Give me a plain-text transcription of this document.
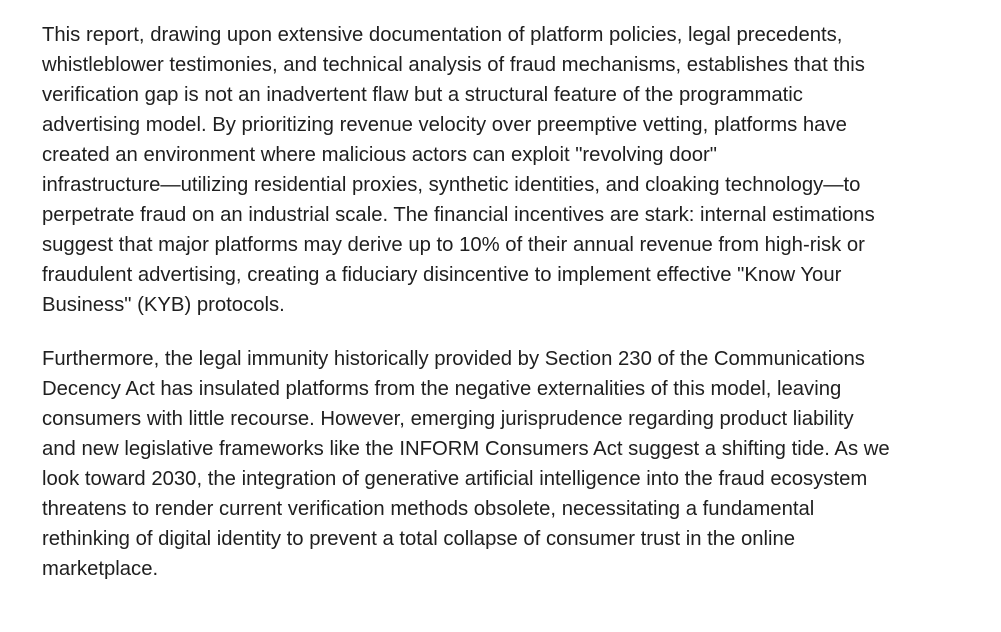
This report, drawing upon extensive documentation of platform policies, legal precedents,
whistleblower testimonies, and technical analysis of fraud mechanisms, establishes that this
verification gap is not an inadvertent flaw but a structural feature of the programmatic
advertising model. By prioritizing revenue velocity over preemptive vetting, platforms have
created an environment where malicious actors can exploit "revolving door"
infrastructure—utilizing residential proxies, synthetic identities, and cloaking technology—to
perpetrate fraud on an industrial scale. The financial incentives are stark: internal estimations
suggest that major platforms may derive up to 10% of their annual revenue from high-risk or
fraudulent advertising, creating a fiduciary disincentive to implement effective "Know Your
Business" (KYB) protocols.

Furthermore, the legal immunity historically provided by Section 230 of the Communications
Decency Act has insulated platforms from the negative externalities of this model, leaving
consumers with little recourse. However, emerging jurisprudence regarding product liability
and new legislative frameworks like the INFORM Consumers Act suggest a shifting tide. As we
look toward 2030, the integration of generative artificial intelligence into the fraud ecosystem
threatens to render current verification methods obsolete, necessitating a fundamental
rethinking of digital identity to prevent a total collapse of consumer trust in the online
marketplace.
